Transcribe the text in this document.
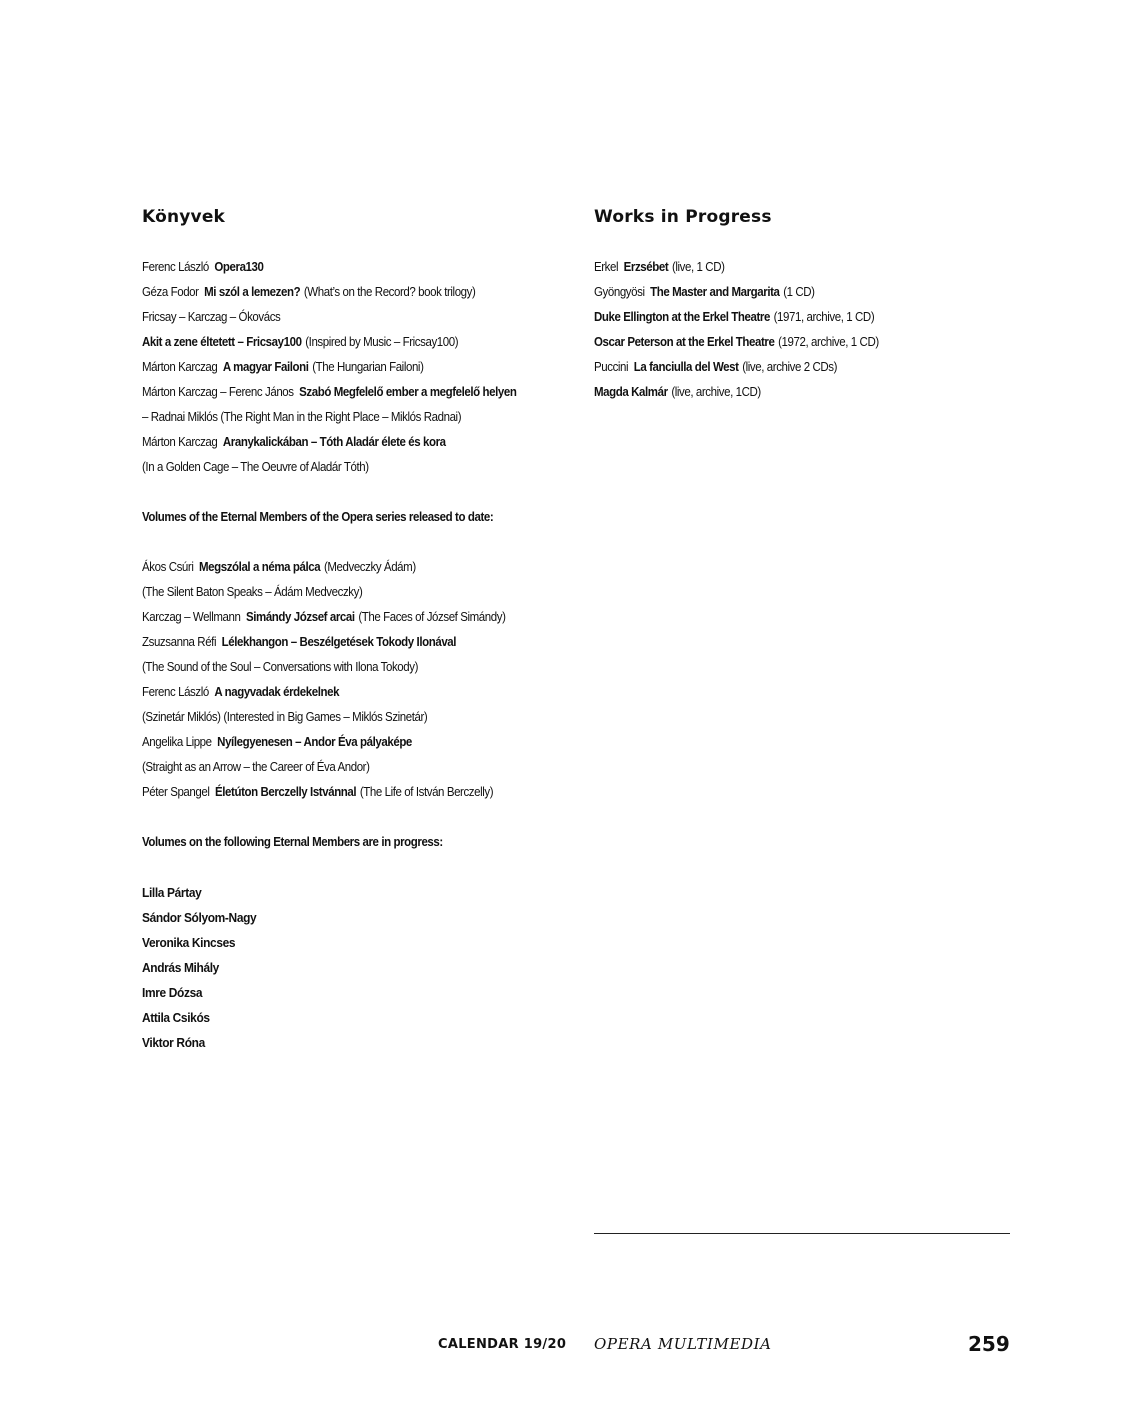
Könyvek
Ferenc László Opera130
Géza Fodor Mi szól a lemezen? (What’s on the Record? book trilogy)
Fricsay – Karczag – Ókovács
Akit a zene éltetett – Fricsay100 (Inspired by Music – Fricsay100)
Márton Karczag A magyar Failoni (The Hungarian Failoni)
Márton Karczag – Ferenc János Szabó Megfelelő ember a megfelelő helyen
– Radnai Miklós (The Right Man in the Right Place – Miklós Radnai)
Márton Karczag Aranykalickában – Tóth Aladár élete és kora
(In a Golden Cage – The Oeuvre of Aladár Tóth)
Volumes of the Eternal Members of the Opera series released to date:
Ákos Csúri Megszólal a néma pálca (Medveczky Ádám)
(The Silent Baton Speaks – Ádám Medveczky)
Karczag – Wellmann Simándy József arcai (The Faces of József Simándy)
Zsuzsanna Réfi Lélekhangon – Beszélgetések Tokody Ilonával
(The Sound of the Soul – Conversations with Ilona Tokody)
Ferenc László A nagyvadak érdekelnek
(Szinetár Miklós) (Interested in Big Games – Miklós Szinetár)
Angelika Lippe Nyílegyenesen – Andor Éva pályaképe
(Straight as an Arrow – the Career of Éva Andor)
Péter Spangel Életúton Berczelly Istvánnal (The Life of István Berczelly)
Volumes on the following Eternal Members are in progress:
Lilla Pártay
Sándor Sólyom-Nagy
Veronika Kincses
András Mihály
Imre Dózsa
Attila Csikós
Viktor Róna
Works in Progress
Erkel Erzsébet (live, 1 CD)
Gyöngyösi The Master and Margarita (1 CD)
Duke Ellington at the Erkel Theatre (1971, archive, 1 CD)
Oscar Peterson at the Erkel Theatre (1972, archive, 1 CD)
Puccini La fanciulla del West (live, archive 2 CDs)
Magda Kalmár (live, archive, 1CD)
CALENDAR 19/20 OPERA MULTIMEDIA	259
